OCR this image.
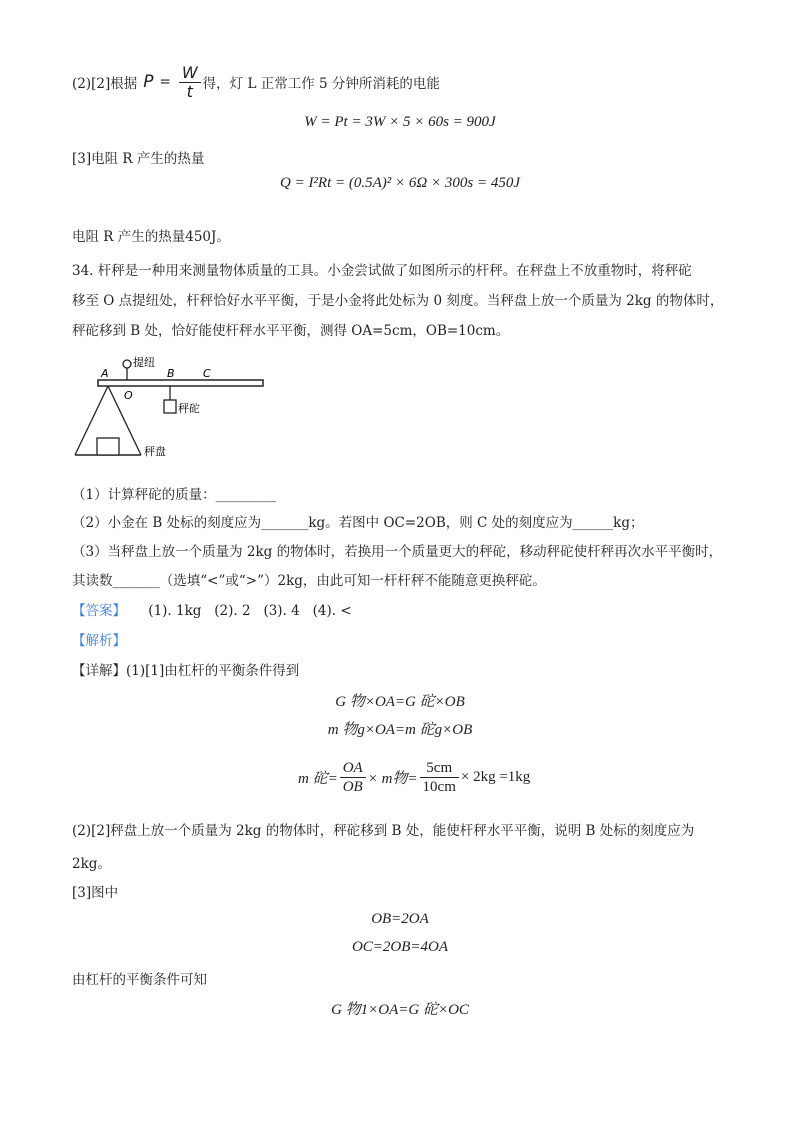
(2)[2]根据 $P = \frac{W}{t}$ 得，灯 L 正常工作 5 分钟所消耗的电能
W = Pt = 3W × 5 × 60s = 900J
[3]电阻 R 产生的热量
Q = I²Rt = (0.5A)² × 6Ω × 300s = 450J
电阻 R 产生的热量450J。
34. 杆秤是一种用来测量物体质量的工具。小金尝试做了如图所示的杆秤。在秤盘上不放重物时，将秤砣
移至 O 点提纽处，杆秤恰好水平平衡，于是小金将此处标为 0 刻度。当秤盘上放一个质量为 2kg 的物体时，
秤砣移到 B 处，恰好能使杆秤水平平衡，测得 OA=5cm，OB=10cm。
提纽
A	B	C
O
秤盘
秤砣
（1）计算秤砣的质量：_________
（2）小金在 B 处标的刻度应为_______kg。若图中 OC=2OB，则 C 处的刻度应为______kg；
（3）当秤盘上放一个质量为 2kg 的物体时，若换用一个质量更大的秤砣，移动秤砣使杆秤再次水平平衡时，
其读数_______（选填“<”或“>”）2kg，由此可知一杆杆秤不能随意更换秤砣。
【答案】 (1). 1kg   (2). 2   (3). 4   (4). <
【解析】
【详解】(1)[1]由杠杆的平衡条件得到
G 物×OA=G 砣×OB
m 物g×OA=m 砣g×OB
m 砣= $\frac{OA}{OB} \times m$物= $\frac{5cm}{10cm} \times 2kg =1kg$
(2)[2]秤盘上放一个质量为 2kg 的物体时，秤砣移到 B 处，能使杆秤水平平衡，说明 B 处标的刻度应为
2kg。
[3]图中
OB=2OA
OC=2OB=4OA
由杠杆的平衡条件可知
G 物1×OA=G 砣×OC
